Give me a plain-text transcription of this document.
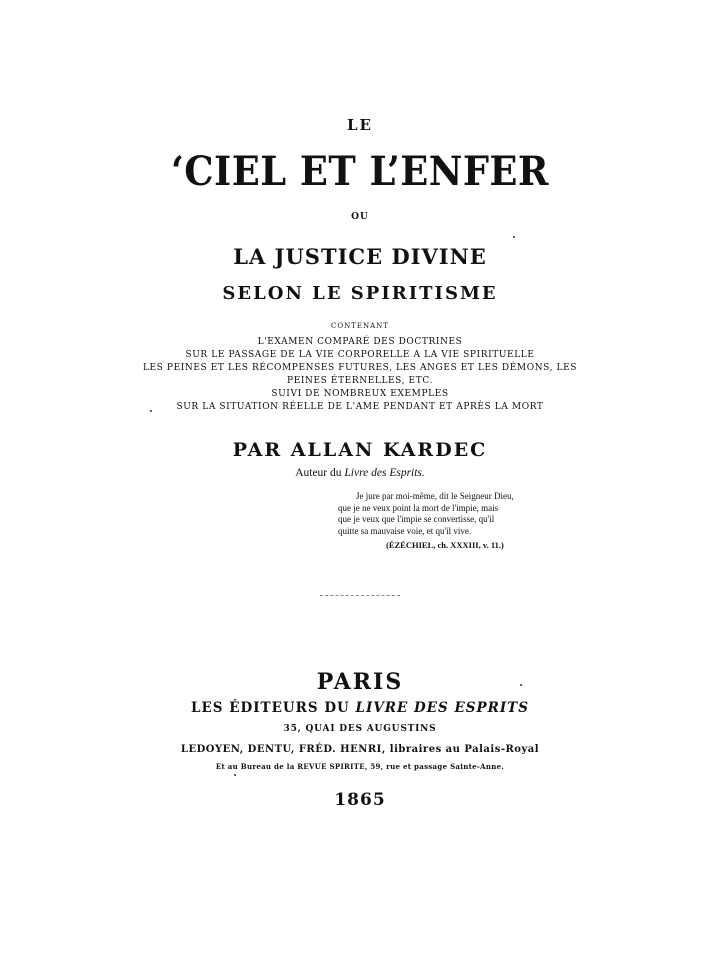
LE
‘CIEL ET L’ENFER
OU
LA JUSTICE DIVINE
SELON LE SPIRITISME
CONTENANT
L'EXAMEN COMPARÉ DES DOCTRINES
SUR LE PASSAGE DE LA VIE CORPORELLE A LA VIE SPIRITUELLE
LES PEINES ET LES RÉCOMPENSES FUTURES, LES ANGES ET LES DÉMONS, LES
PEINES ÉTERNELLES, ETC.
SUIVI DE NOMBREUX EXEMPLES
SUR LA SITUATION RÉELLE DE L'AME PENDANT ET APRÈS LA MORT
PAR ALLAN KARDEC
Auteur du Livre des Esprits.
Je jure par moi-même, dit le Seigneur Dieu,
que je ne veux point la mort de l'impie, mais
que je veux que l'impie se convertisse, qu'il
quitte sa mauvaise voie, et qu'il vive.
(ÉZÉCHIEL, ch. XXXIII, v. 11.)
PARIS
LES ÉDITEURS DU LIVRE DES ESPRITS
35, QUAI DES AUGUSTINS
LEDOYEN, DENTU, FRÉD. HENRI, libraires au Palais-Royal
Et au Bureau de la REVUE SPIRITE, 59, rue et passage Sainte-Anne.
1865
